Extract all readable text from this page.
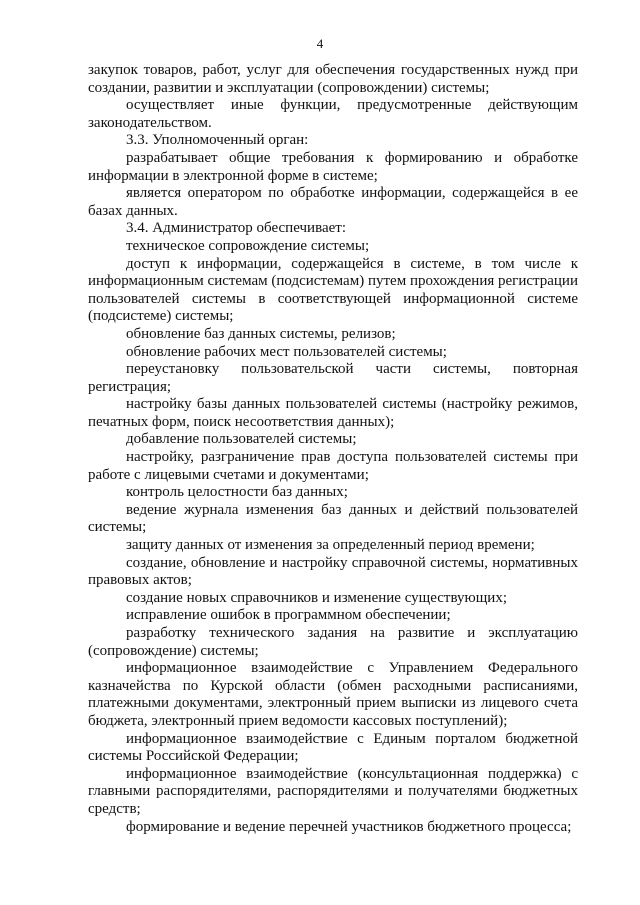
4

закупок товаров, работ, услуг для обеспечения государственных нужд при создании, развитии и эксплуатации (сопровождении) системы;

осуществляет иные функции, предусмотренные действующим законодательством.

3.3. Уполномоченный орган:

разрабатывает общие требования к формированию и обработке информации в электронной форме в системе;

является оператором по обработке информации, содержащейся в ее базах данных.

3.4. Администратор обеспечивает:

техническое сопровождение системы;

доступ к информации, содержащейся в системе, в том числе к информационным системам (подсистемам) путем прохождения регистрации пользователей системы в соответствующей информационной системе (подсистеме) системы;

обновление баз данных системы, релизов;

обновление рабочих мест пользователей системы;

переустановку пользовательской части системы, повторная регистрация;

настройку базы данных пользователей системы (настройку режимов, печатных форм, поиск несоответствия данных);

добавление пользователей системы;

настройку, разграничение прав доступа пользователей системы при работе с лицевыми счетами и документами;

контроль целостности баз данных;

ведение журнала изменения баз данных и действий пользователей системы;

защиту данных от изменения за определенный период времени;

создание, обновление и настройку справочной системы, нормативных правовых актов;

создание новых справочников и изменение существующих;

исправление ошибок в программном обеспечении;

разработку технического задания на развитие и эксплуатацию (сопровождение) системы;

информационное взаимодействие с Управлением Федерального казначейства по Курской области (обмен расходными расписаниями, платежными документами, электронный прием выписки из лицевого счета бюджета, электронный прием ведомости кассовых поступлений);

информационное взаимодействие с Единым порталом бюджетной системы Российской Федерации;

информационное взаимодействие (консультационная поддержка) с главными распорядителями, распорядителями и получателями бюджетных средств;

формирование и ведение перечней участников бюджетного процесса;
